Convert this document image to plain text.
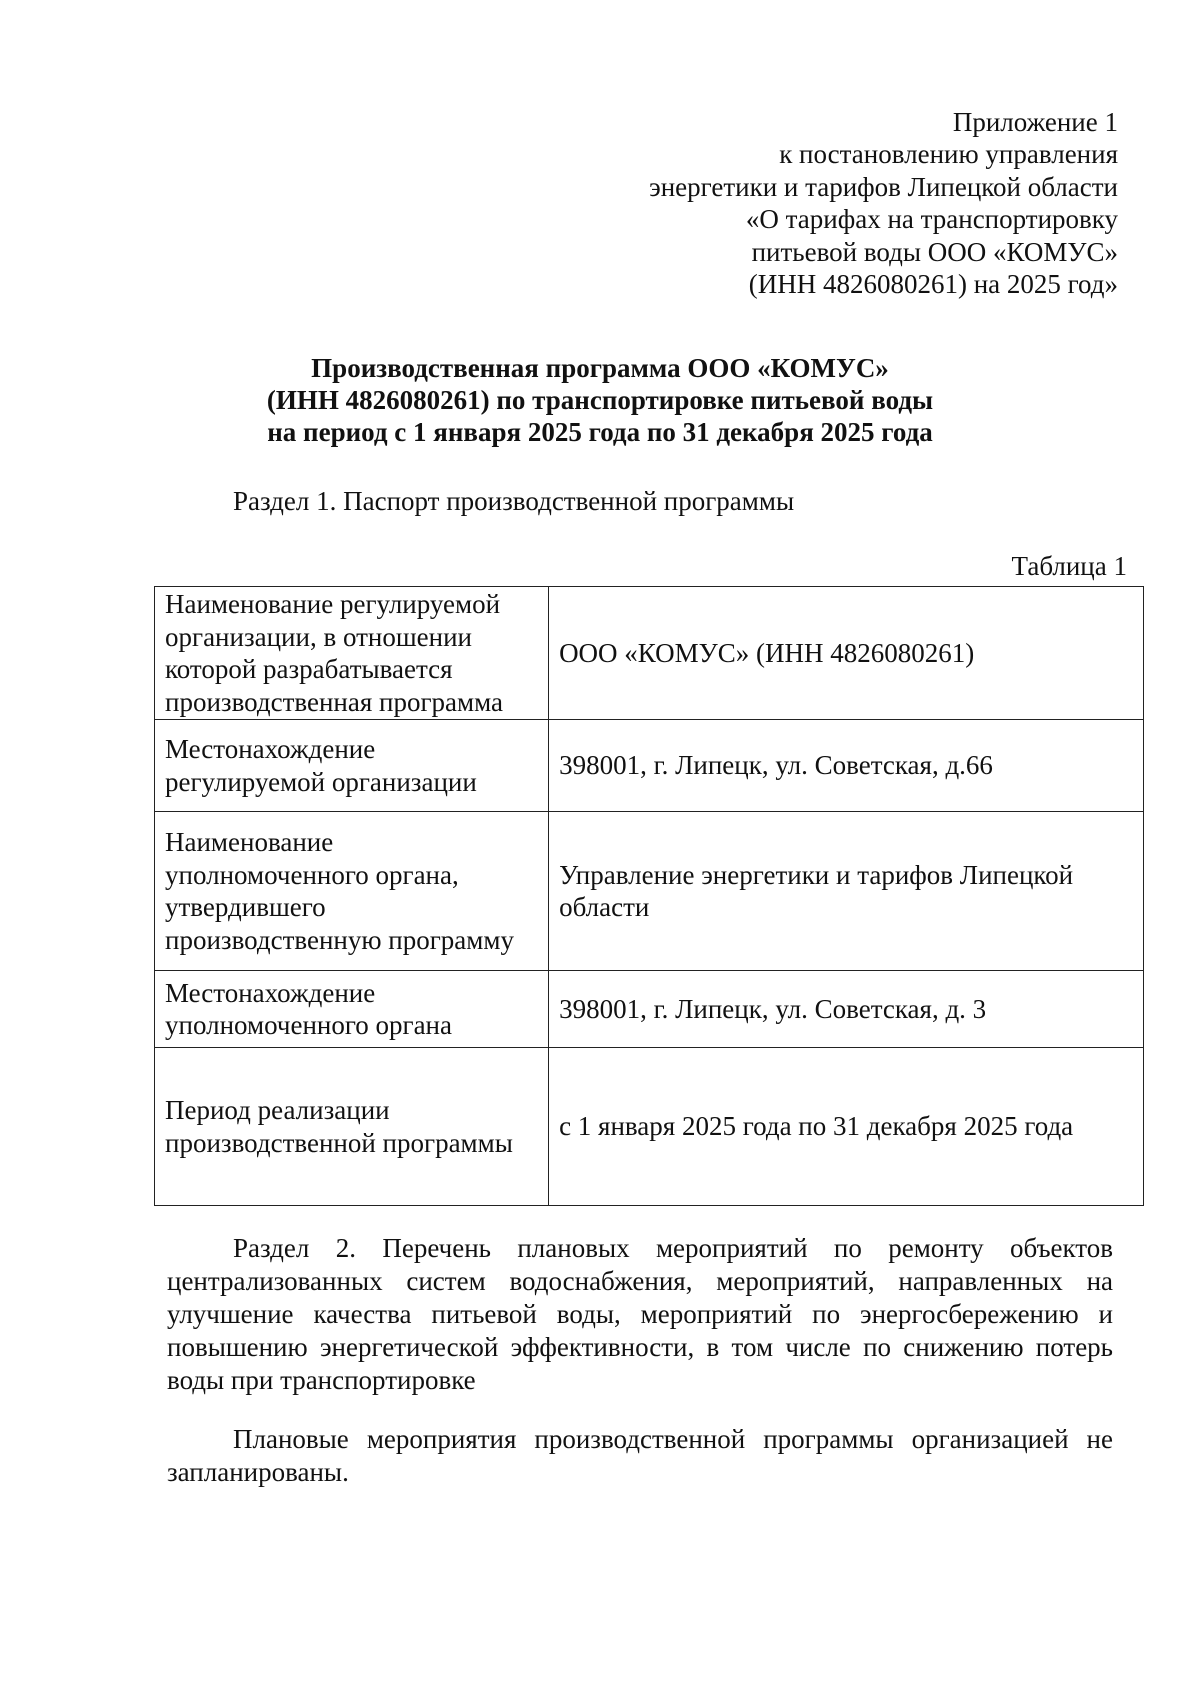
Приложение 1
к постановлению управления
энергетики и тарифов Липецкой области
«О тарифах на транспортировку
питьевой воды ООО «КОМУС»
(ИНН 4826080261) на 2025 год»
Производственная программа ООО «КОМУС»
(ИНН 4826080261) по транспортировке питьевой воды
на период с 1 января 2025 года по 31 декабря 2025 года
Раздел 1. Паспорт производственной программы
Таблица 1
Наименование регулируемой организации, в отношении которой разрабатывается производственная программа	ООО «КОМУС» (ИНН 4826080261)
Местонахождение регулируемой организации	398001, г. Липецк, ул. Советская, д.66
Наименование уполномоченного органа, утвердившего производственную программу	Управление энергетики и тарифов Липецкой области
Местонахождение уполномоченного органа	398001, г. Липецк, ул. Советская, д. 3
Период реализации производственной программы	с 1 января 2025 года по 31 декабря 2025 года
Раздел 2. Перечень плановых мероприятий по ремонту объектов централизованных систем водоснабжения, мероприятий, направленных на улучшение качества питьевой воды, мероприятий по энергосбережению и повышению энергетической эффективности, в том числе по снижению потерь воды при транспортировке
Плановые мероприятия производственной программы организацией не запланированы.
